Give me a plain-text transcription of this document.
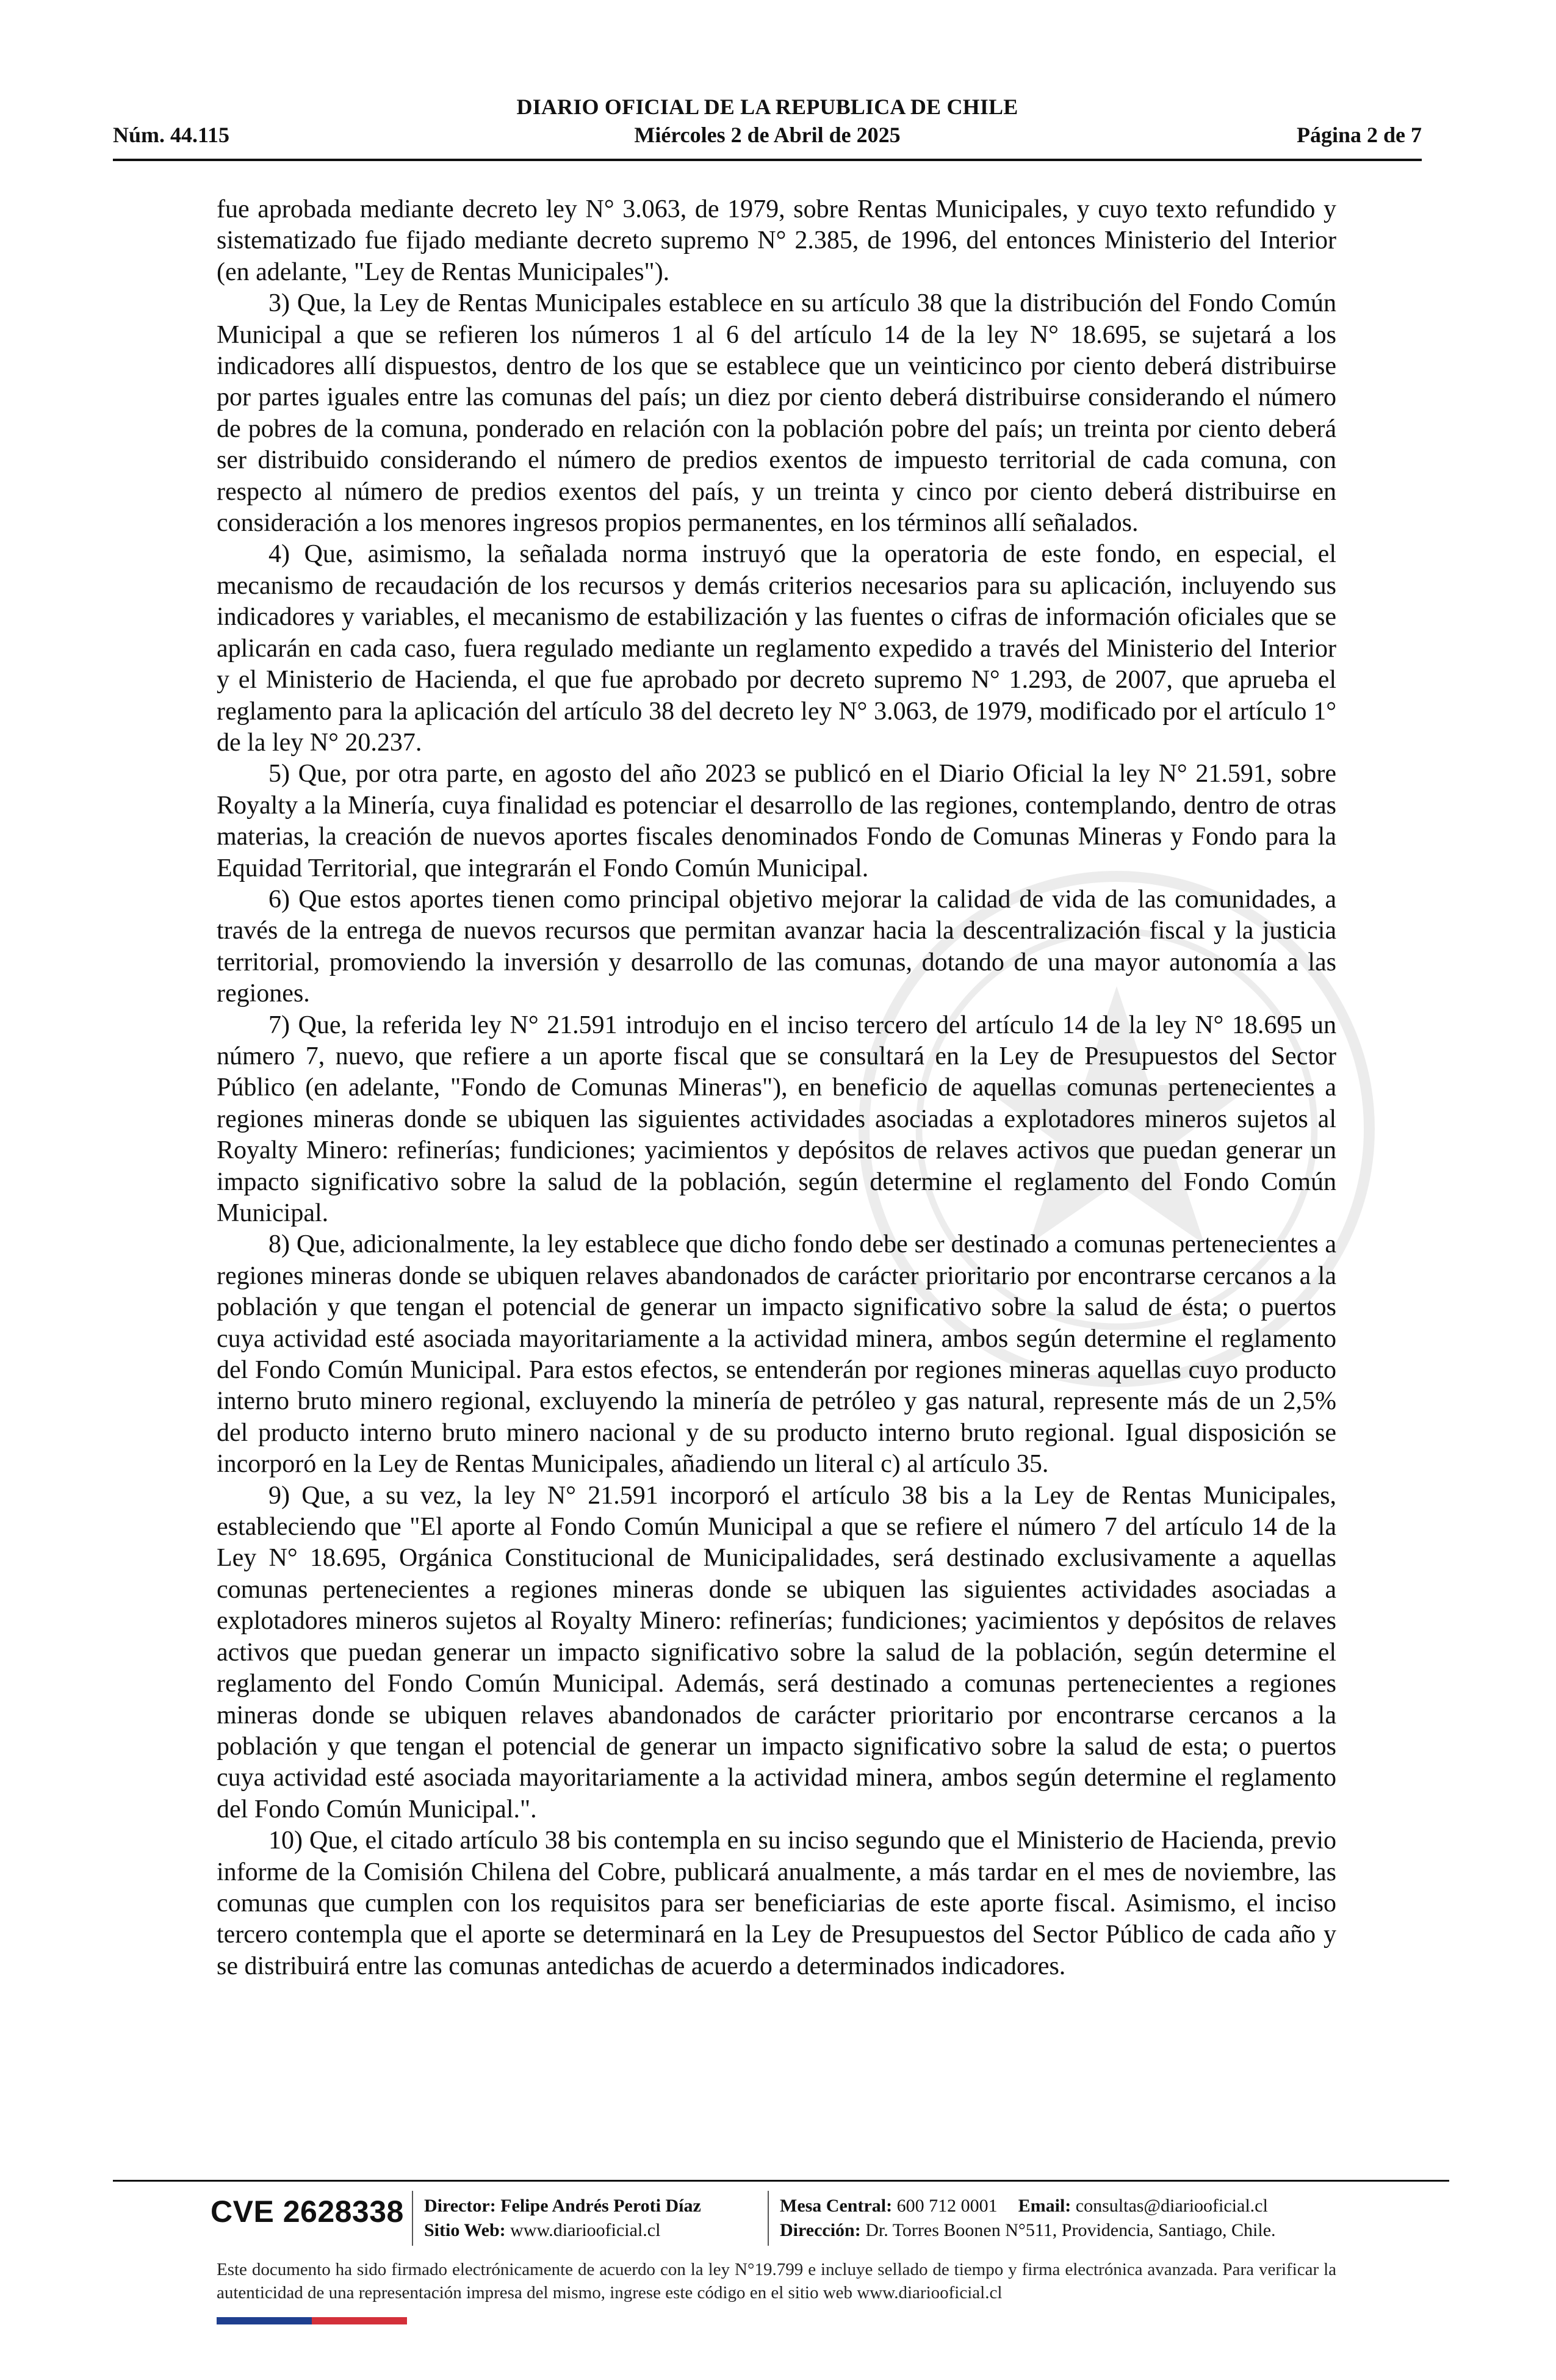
DIARIO OFICIAL DE LA REPUBLICA DE CHILE
Núm. 44.115	Miércoles 2 de Abril de 2025	Página 2 de 7

fue aprobada mediante decreto ley N° 3.063, de 1979, sobre Rentas Municipales, y cuyo texto refundido y sistematizado fue fijado mediante decreto supremo N° 2.385, de 1996, del entonces Ministerio del Interior (en adelante, "Ley de Rentas Municipales").

3) Que, la Ley de Rentas Municipales establece en su artículo 38 que la distribución del Fondo Común Municipal a que se refieren los números 1 al 6 del artículo 14 de la ley N° 18.695, se sujetará a los indicadores allí dispuestos, dentro de los que se establece que un veinticinco por ciento deberá distribuirse por partes iguales entre las comunas del país; un diez por ciento deberá distribuirse considerando el número de pobres de la comuna, ponderado en relación con la población pobre del país; un treinta por ciento deberá ser distribuido considerando el número de predios exentos de impuesto territorial de cada comuna, con respecto al número de predios exentos del país, y un treinta y cinco por ciento deberá distribuirse en consideración a los menores ingresos propios permanentes, en los términos allí señalados.

4) Que, asimismo, la señalada norma instruyó que la operatoria de este fondo, en especial, el mecanismo de recaudación de los recursos y demás criterios necesarios para su aplicación, incluyendo sus indicadores y variables, el mecanismo de estabilización y las fuentes o cifras de información oficiales que se aplicarán en cada caso, fuera regulado mediante un reglamento expedido a través del Ministerio del Interior y el Ministerio de Hacienda, el que fue aprobado por decreto supremo N° 1.293, de 2007, que aprueba el reglamento para la aplicación del artículo 38 del decreto ley N° 3.063, de 1979, modificado por el artículo 1° de la ley N° 20.237.

5) Que, por otra parte, en agosto del año 2023 se publicó en el Diario Oficial la ley N° 21.591, sobre Royalty a la Minería, cuya finalidad es potenciar el desarrollo de las regiones, contemplando, dentro de otras materias, la creación de nuevos aportes fiscales denominados Fondo de Comunas Mineras y Fondo para la Equidad Territorial, que integrarán el Fondo Común Municipal.

6) Que estos aportes tienen como principal objetivo mejorar la calidad de vida de las comunidades, a través de la entrega de nuevos recursos que permitan avanzar hacia la descentralización fiscal y la justicia territorial, promoviendo la inversión y desarrollo de las comunas, dotando de una mayor autonomía a las regiones.

7) Que, la referida ley N° 21.591 introdujo en el inciso tercero del artículo 14 de la ley N° 18.695 un número 7, nuevo, que refiere a un aporte fiscal que se consultará en la Ley de Presupuestos del Sector Público (en adelante, "Fondo de Comunas Mineras"), en beneficio de aquellas comunas pertenecientes a regiones mineras donde se ubiquen las siguientes actividades asociadas a explotadores mineros sujetos al Royalty Minero: refinerías; fundiciones; yacimientos y depósitos de relaves activos que puedan generar un impacto significativo sobre la salud de la población, según determine el reglamento del Fondo Común Municipal.

8) Que, adicionalmente, la ley establece que dicho fondo debe ser destinado a comunas pertenecientes a regiones mineras donde se ubiquen relaves abandonados de carácter prioritario por encontrarse cercanos a la población y que tengan el potencial de generar un impacto significativo sobre la salud de ésta; o puertos cuya actividad esté asociada mayoritariamente a la actividad minera, ambos según determine el reglamento del Fondo Común Municipal. Para estos efectos, se entenderán por regiones mineras aquellas cuyo producto interno bruto minero regional, excluyendo la minería de petróleo y gas natural, represente más de un 2,5% del producto interno bruto minero nacional y de su producto interno bruto regional. Igual disposición se incorporó en la Ley de Rentas Municipales, añadiendo un literal c) al artículo 35.

9) Que, a su vez, la ley N° 21.591 incorporó el artículo 38 bis a la Ley de Rentas Municipales, estableciendo que "El aporte al Fondo Común Municipal a que se refiere el número 7 del artículo 14 de la Ley N° 18.695, Orgánica Constitucional de Municipalidades, será destinado exclusivamente a aquellas comunas pertenecientes a regiones mineras donde se ubiquen las siguientes actividades asociadas a explotadores mineros sujetos al Royalty Minero: refinerías; fundiciones; yacimientos y depósitos de relaves activos que puedan generar un impacto significativo sobre la salud de la población, según determine el reglamento del Fondo Común Municipal. Además, será destinado a comunas pertenecientes a regiones mineras donde se ubiquen relaves abandonados de carácter prioritario por encontrarse cercanos a la población y que tengan el potencial de generar un impacto significativo sobre la salud de esta; o puertos cuya actividad esté asociada mayoritariamente a la actividad minera, ambos según determine el reglamento del Fondo Común Municipal.".

10) Que, el citado artículo 38 bis contempla en su inciso segundo que el Ministerio de Hacienda, previo informe de la Comisión Chilena del Cobre, publicará anualmente, a más tardar en el mes de noviembre, las comunas que cumplen con los requisitos para ser beneficiarias de este aporte fiscal. Asimismo, el inciso tercero contempla que el aporte se determinará en la Ley de Presupuestos del Sector Público de cada año y se distribuirá entre las comunas antedichas de acuerdo a determinados indicadores.

CVE 2628338 Director: Felipe Andrés Peroti Díaz
Sitio Web: www.diariooficial.cl
Mesa Central: 600 712 0001 Email: consultas@diariooficial.cl
Dirección: Dr. Torres Boonen N°511, Providencia, Santiago, Chile.
Este documento ha sido firmado electrónicamente de acuerdo con la ley N°19.799 e incluye sellado de tiempo y firma electrónica avanzada. Para verificar la autenticidad de una representación impresa del mismo, ingrese este código en el sitio web www.diariooficial.cl
